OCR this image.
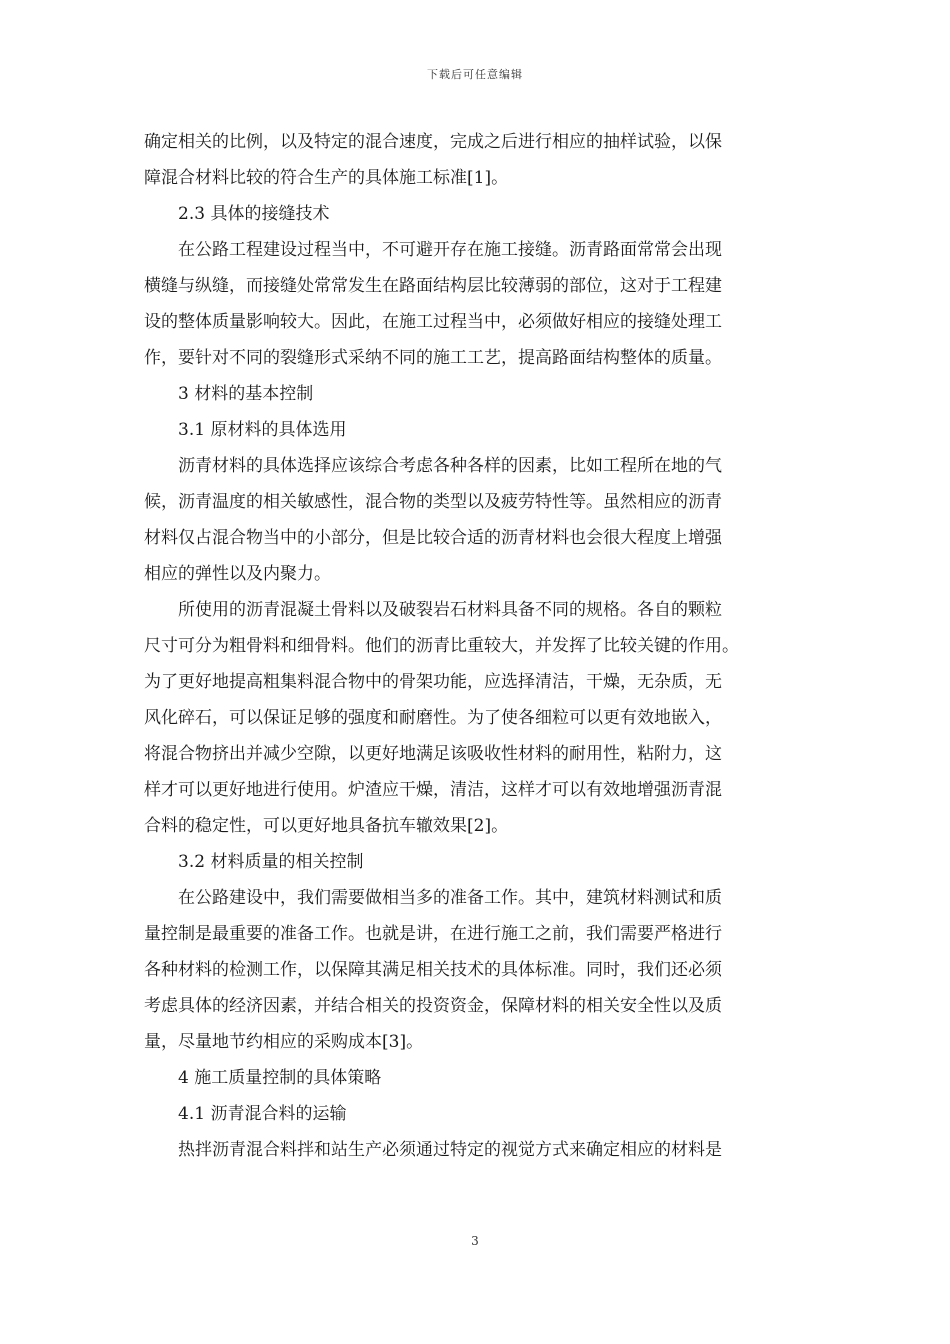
下载后可任意编辑
确定相关的比例，以及特定的混合速度，完成之后进行相应的抽样试验，以保
障混合材料比较的符合生产的具体施工标准[1]。
2.3 具体的接缝技术
在公路工程建设过程当中，不可避开存在施工接缝。沥青路面常常会出现
横缝与纵缝，而接缝处常常发生在路面结构层比较薄弱的部位，这对于工程建
设的整体质量影响较大。因此，在施工过程当中，必须做好相应的接缝处理工
作，要针对不同的裂缝形式采纳不同的施工工艺，提高路面结构整体的质量。
3 材料的基本控制
3.1 原材料的具体选用
沥青材料的具体选择应该综合考虑各种各样的因素，比如工程所在地的气
候，沥青温度的相关敏感性，混合物的类型以及疲劳特性等。虽然相应的沥青
材料仅占混合物当中的小部分，但是比较合适的沥青材料也会很大程度上增强
相应的弹性以及内聚力。
所使用的沥青混凝土骨料以及破裂岩石材料具备不同的规格。各自的颗粒
尺寸可分为粗骨料和细骨料。他们的沥青比重较大，并发挥了比较关键的作用。
为了更好地提高粗集料混合物中的骨架功能，应选择清洁，干燥，无杂质，无
风化碎石，可以保证足够的强度和耐磨性。为了使各细粒可以更有效地嵌入，
将混合物挤出并减少空隙，以更好地满足该吸收性材料的耐用性，粘附力，这
样才可以更好地进行使用。炉渣应干燥，清洁，这样才可以有效地增强沥青混
合料的稳定性，可以更好地具备抗车辙效果[2]。
3.2 材料质量的相关控制
在公路建设中，我们需要做相当多的准备工作。其中，建筑材料测试和质
量控制是最重要的准备工作。也就是讲，在进行施工之前，我们需要严格进行
各种材料的检测工作，以保障其满足相关技术的具体标准。同时，我们还必须
考虑具体的经济因素，并结合相关的投资资金，保障材料的相关安全性以及质
量，尽量地节约相应的采购成本[3]。
4 施工质量控制的具体策略
4.1 沥青混合料的运输
热拌沥青混合料拌和站生产必须通过特定的视觉方式来确定相应的材料是
3
